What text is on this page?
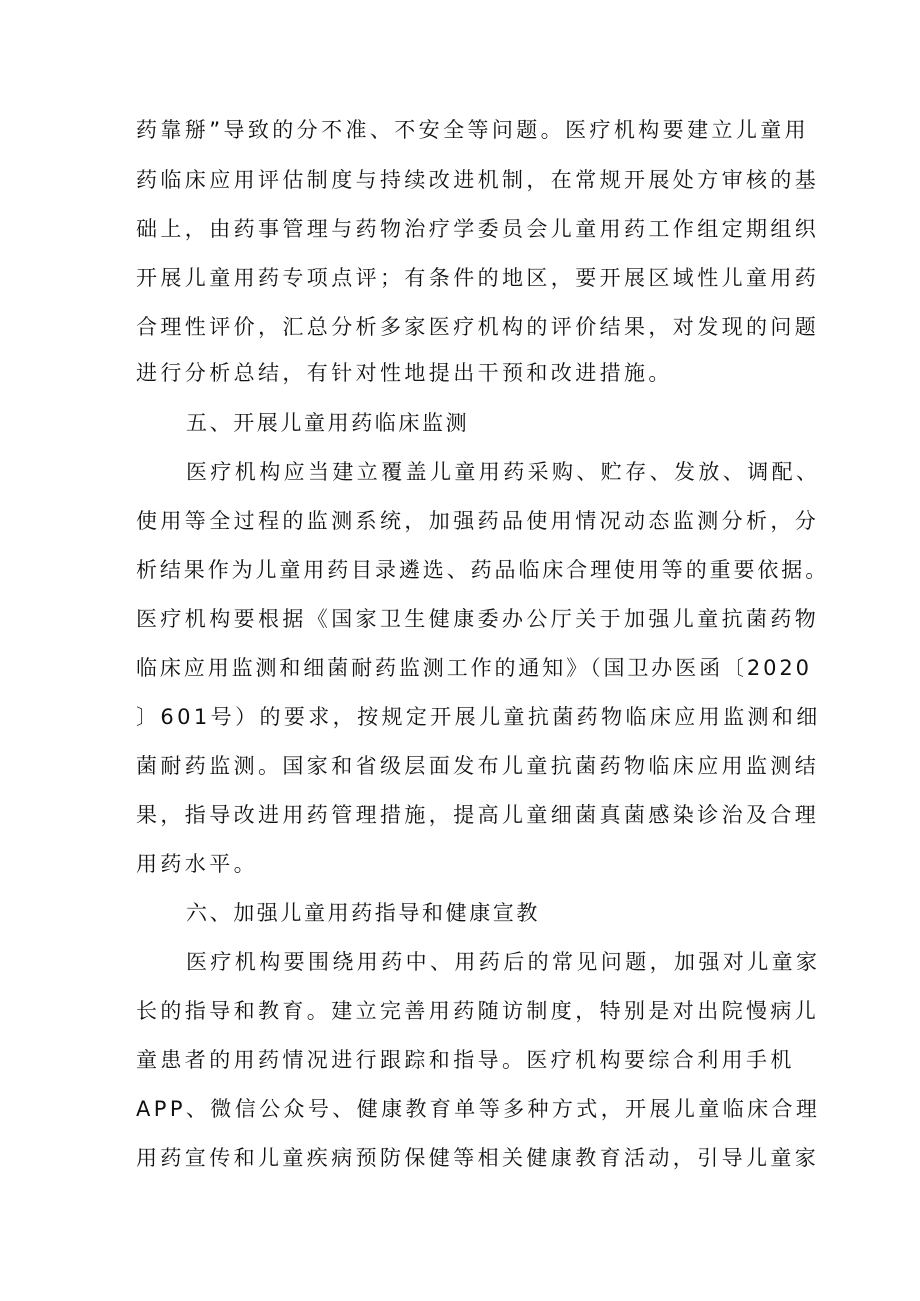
药靠掰”导致的分不准、不安全等问题。医疗机构要建立儿童用
药临床应用评估制度与持续改进机制，在常规开展处方审核的基
础上，由药事管理与药物治疗学委员会儿童用药工作组定期组织
开展儿童用药专项点评；有条件的地区，要开展区域性儿童用药
合理性评价，汇总分析多家医疗机构的评价结果，对发现的问题
进行分析总结，有针对性地提出干预和改进措施。
五、开展儿童用药临床监测
医疗机构应当建立覆盖儿童用药采购、贮存、发放、调配、
使用等全过程的监测系统，加强药品使用情况动态监测分析，分
析结果作为儿童用药目录遴选、药品临床合理使用等的重要依据。
医疗机构要根据《国家卫生健康委办公厅关于加强儿童抗菌药物
临床应用监测和细菌耐药监测工作的通知》（国卫办医函〔2020
〕601号）的要求，按规定开展儿童抗菌药物临床应用监测和细
菌耐药监测。国家和省级层面发布儿童抗菌药物临床应用监测结
果，指导改进用药管理措施，提高儿童细菌真菌感染诊治及合理
用药水平。
六、加强儿童用药指导和健康宣教
医疗机构要围绕用药中、用药后的常见问题，加强对儿童家
长的指导和教育。建立完善用药随访制度，特别是对出院慢病儿
童患者的用药情况进行跟踪和指导。医疗机构要综合利用手机
APP、微信公众号、健康教育单等多种方式，开展儿童临床合理
用药宣传和儿童疾病预防保健等相关健康教育活动，引导儿童家
